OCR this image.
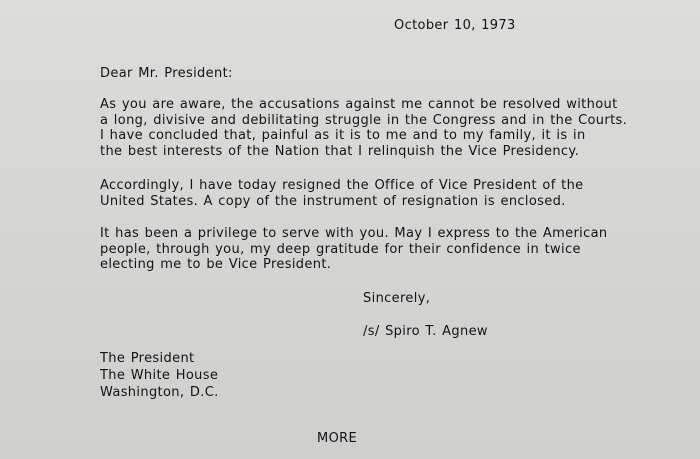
October 10, 1973
Dear Mr. President:
As you are aware, the accusations against me cannot be resolved without
a long, divisive and debilitating struggle in the Congress and in the Courts.
I have concluded that, painful as it is to me and to my family, it is in
the best interests of the Nation that I relinquish the Vice Presidency.
Accordingly, I have today resigned the Office of Vice President of the
United States. A copy of the instrument of resignation is enclosed.
It has been a privilege to serve with you. May I express to the American
people, through you, my deep gratitude for their confidence in twice
electing me to be Vice President.
Sincerely,
/s/ Spiro T. Agnew
The President
The White House
Washington, D.C.
MORE
